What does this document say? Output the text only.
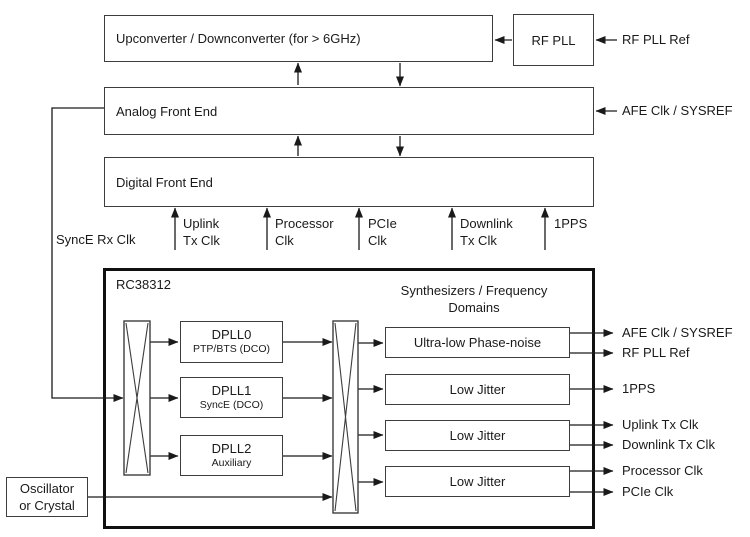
Upconverter / Downconverter (for > 6GHz)	RF PLL
Analog Front End
Digital Front End
RF PLL Ref
AFE Clk / SYSREF
SyncE Rx Clk
Uplink
Tx Clk
Processor
Clk
PCIe
Clk
Downlink
Tx Clk
1PPS
RC38312	Synthesizers / Frequency
Domains
DPLL0
PTP/BTS (DCO)
DPLL1
SyncE (DCO)
DPLL2
Auxiliary
Ultra-low Phase-noise
Low Jitter
Low Jitter
Low Jitter
Oscillator
or Crystal
AFE Clk / SYSREF
RF PLL Ref
1PPS
Uplink Tx Clk
Downlink Tx Clk
Processor Clk
PCIe Clk
